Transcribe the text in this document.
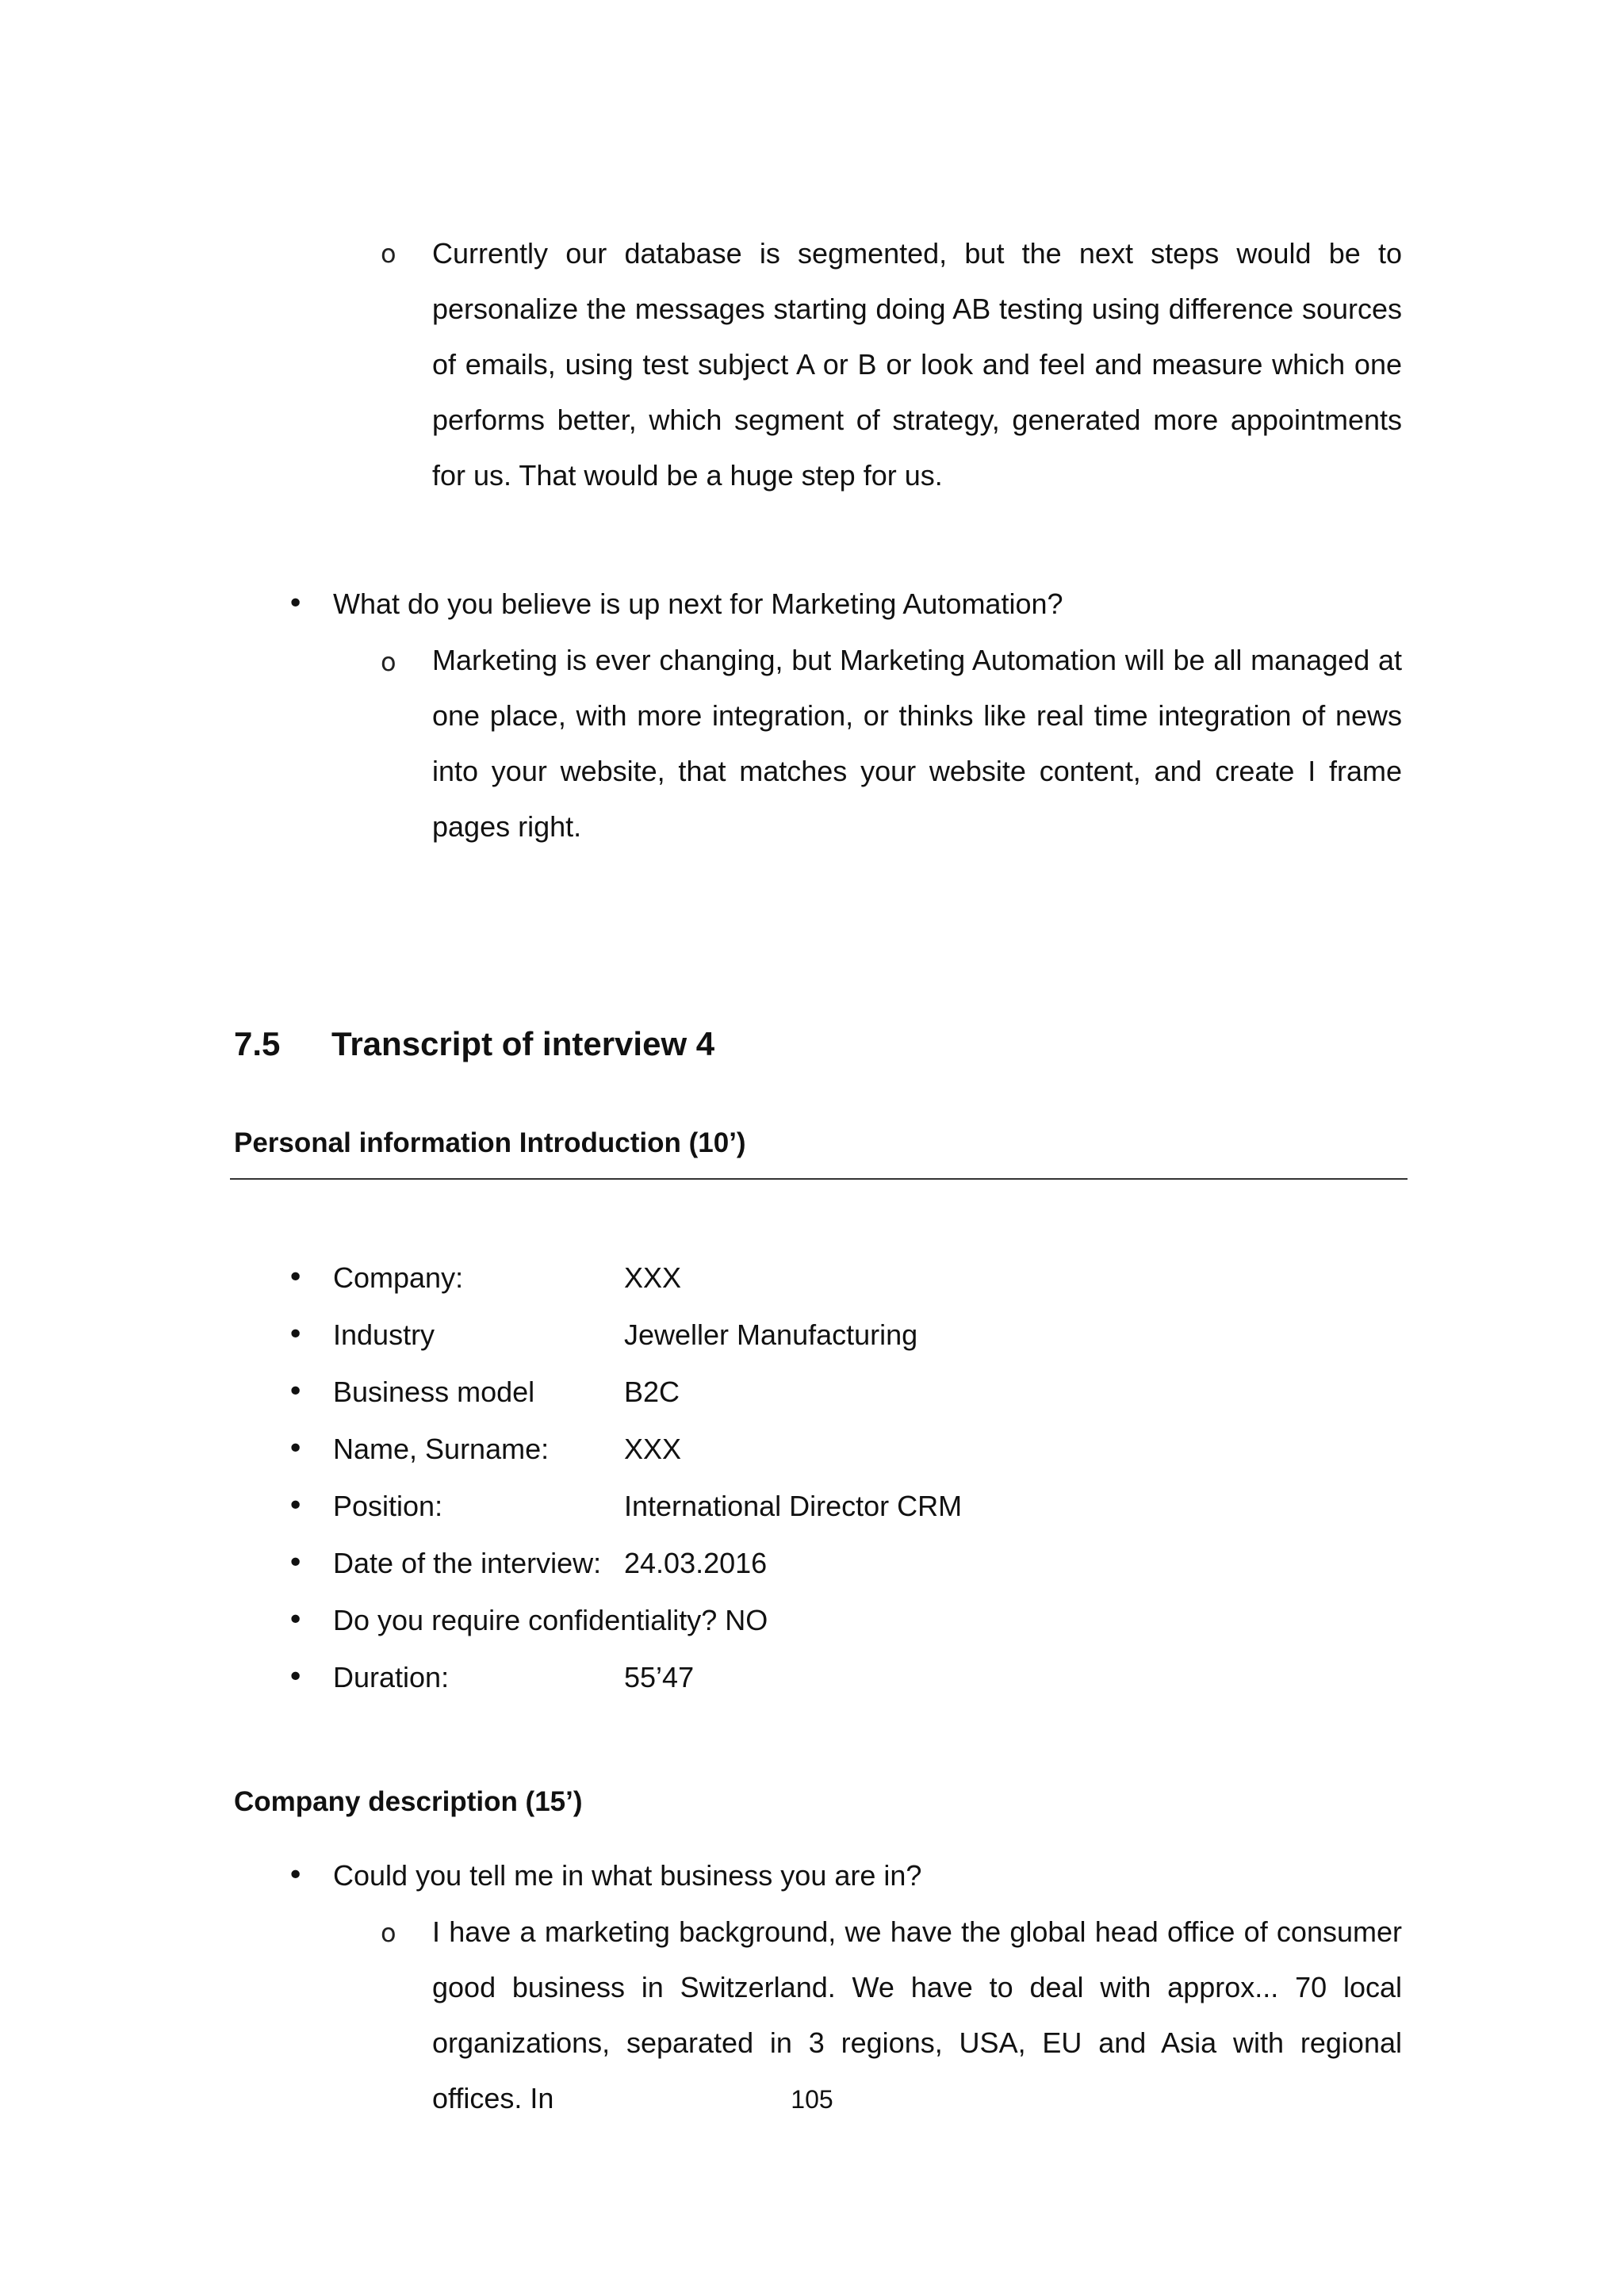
o Currently our database is segmented, but the next steps would be to personalize the messages starting doing AB testing using difference sources of emails, using test subject A or B or look and feel and measure which one performs better, which segment of strategy, generated more appointments for us. That would be a huge step for us.

• What do you believe is up next for Marketing Automation?
o Marketing is ever changing, but Marketing Automation will be all managed at one place, with more integration, or thinks like real time integration of news into your website, that matches your website content, and create I frame pages right.

7.5 Transcript of interview 4
Personal information Introduction (10’)
• Company:	XXX
• Industry	Jeweller Manufacturing
• Business model	B2C
• Name, Surname:	XXX
• Position:	International Director CRM
• Date of the interview: 24.03.2016
• Do you require confidentiality? NO
• Duration:	55’47
Company description (15’)
• Could you tell me in what business you are in?
o I have a marketing background, we have the global head office of consumer good business in Switzerland. We have to deal with approx... 70 local organizations, separated in 3 regions, USA, EU and Asia with regional offices. In	105
